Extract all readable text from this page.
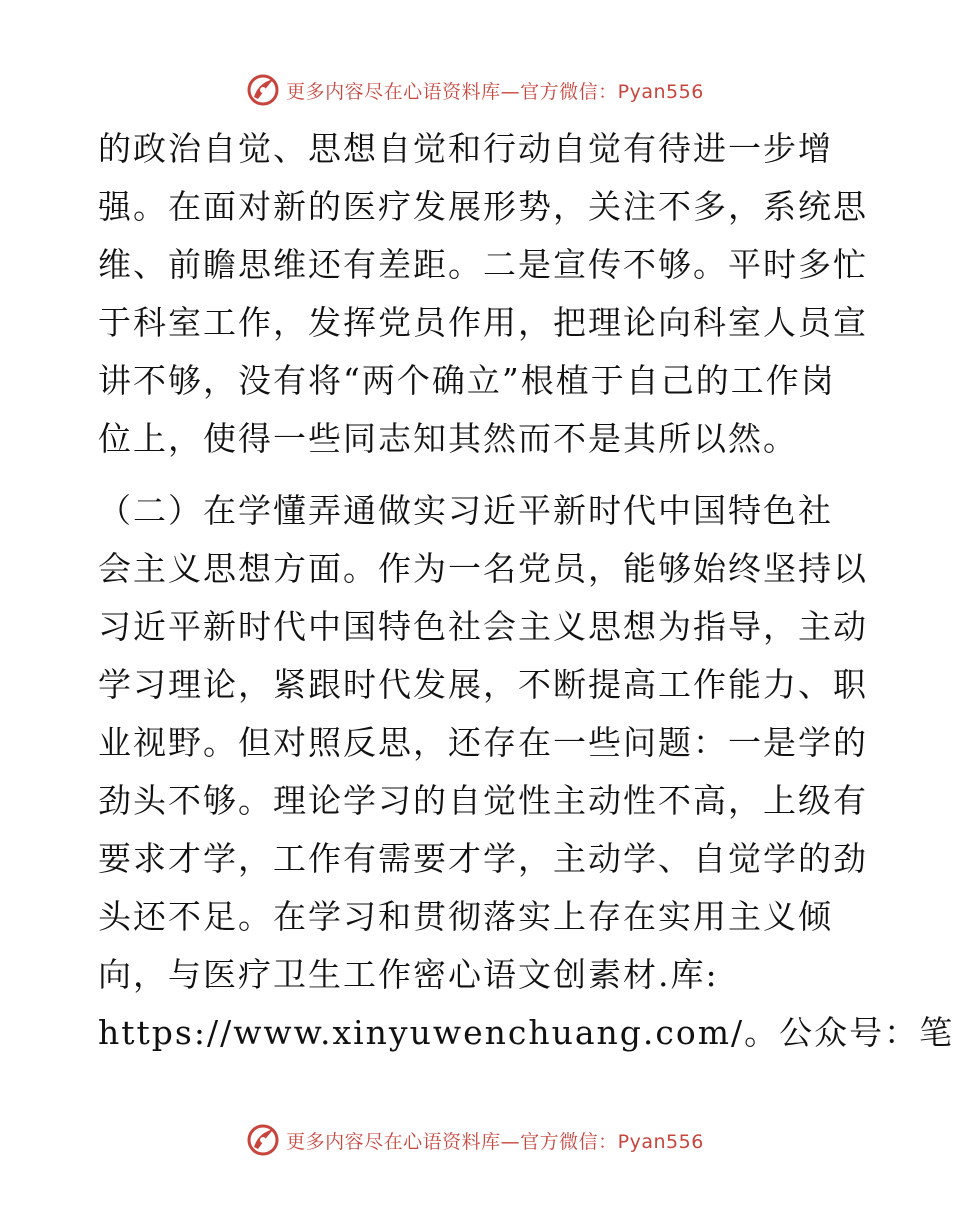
更多内容尽在心语资料库—官方微信：Pyan556
的政治自觉、思想自觉和行动自觉有待进一步增
强。在面对新的医疗发展形势，关注不多，系统思
维、前瞻思维还有差距。二是宣传不够。平时多忙
于科室工作，发挥党员作用，把理论向科室人员宣
讲不够，没有将“两个确立”根植于自己的工作岗
位上，使得一些同志知其然而不是其所以然。
（二）在学懂弄通做实习近平新时代中国特色社
会主义思想方面。作为一名党员，能够始终坚持以
习近平新时代中国特色社会主义思想为指导，主动
学习理论，紧跟时代发展，不断提高工作能力、职
业视野。但对照反思，还存在一些问题：一是学的
劲头不够。理论学习的自觉性主动性不高，上级有
要求才学，工作有需要才学，主动学、自觉学的劲
头还不足。在学习和贯彻落实上存在实用主义倾
向，与医疗卫生工作密心语文创素材.库:
https://www.xinyuwenchuang.com/。公众号：笔
更多内容尽在心语资料库—官方微信：Pyan556
